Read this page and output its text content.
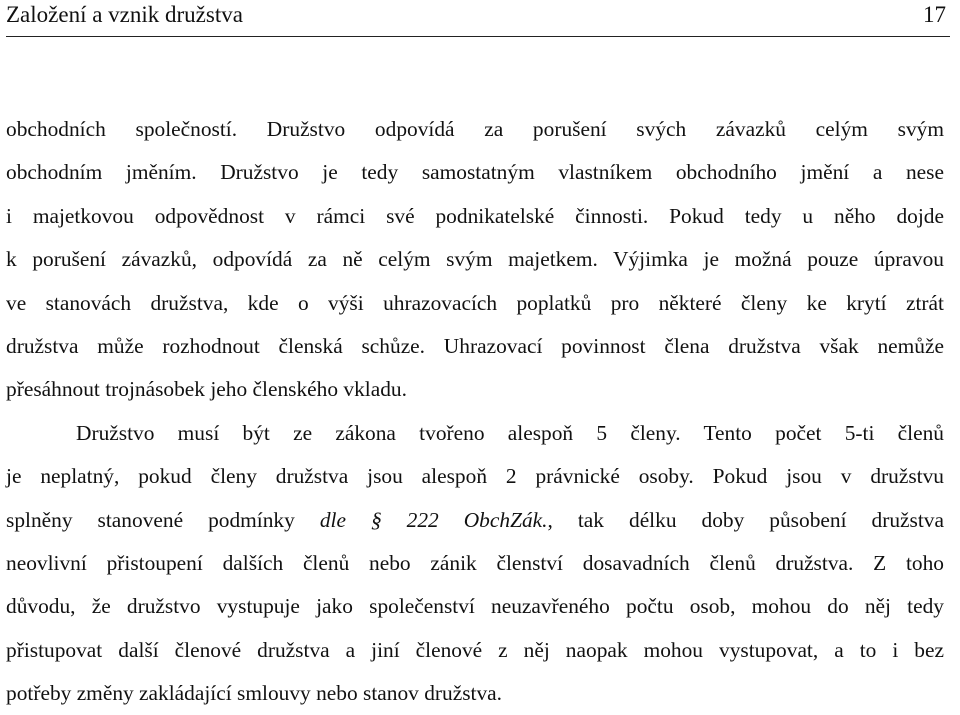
Založení a vznik družstva	17
obchodních společností. Družstvo odpovídá za porušení svých závazků celým svým
obchodním jměním. Družstvo je tedy samostatným vlastníkem obchodního jmění a nese
i majetkovou odpovědnost v rámci své podnikatelské činnosti. Pokud tedy u něho dojde
k porušení závazků, odpovídá za ně celým svým majetkem. Výjimka je možná pouze úpravou
ve stanovách družstva, kde o výši uhrazovacích poplatků pro některé členy ke krytí ztrát
družstva může rozhodnout členská schůze. Uhrazovací povinnost člena družstva však nemůže
přesáhnout trojnásobek jeho členského vkladu.
Družstvo musí být ze zákona tvořeno alespoň 5 členy. Tento počet 5-ti členů
je neplatný, pokud členy družstva jsou alespoň 2 právnické osoby. Pokud jsou v družstvu
splněny stanovené podmínky dle § 222 ObchZák., tak délku doby působení družstva
neovlivní přistoupení dalších členů nebo zánik členství dosavadních členů družstva. Z toho
důvodu, že družstvo vystupuje jako společenství neuzavřeného počtu osob, mohou do něj tedy
přistupovat další členové družstva a jiní členové z něj naopak mohou vystupovat, a to i bez
potřeby změny zakládající smlouvy nebo stanov družstva.
